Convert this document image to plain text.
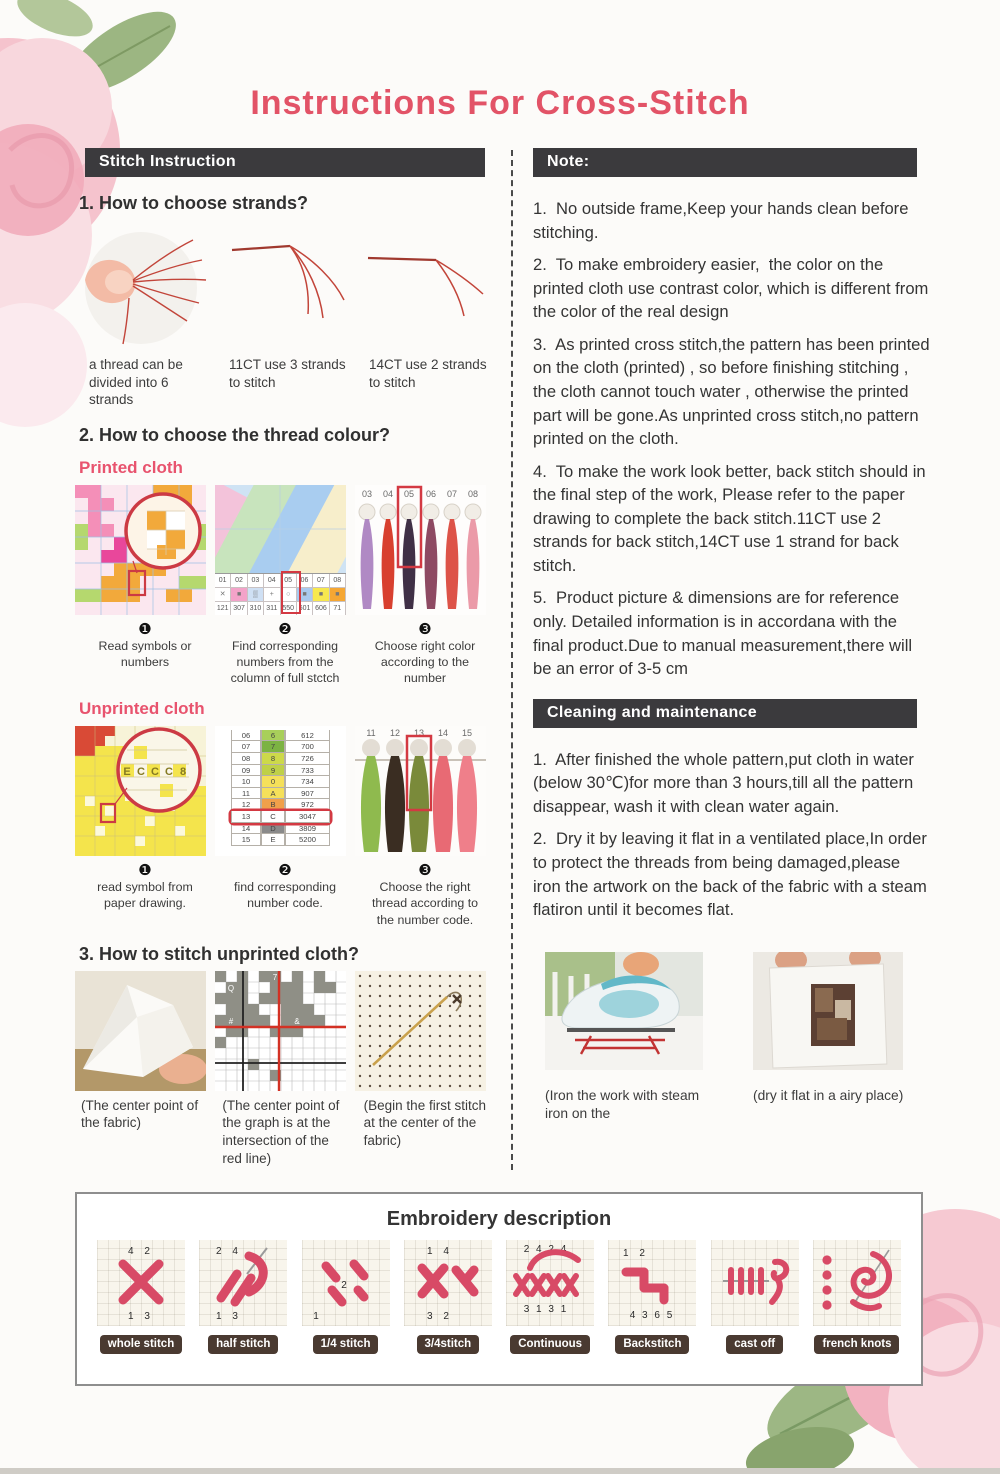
Instructions For Cross-Stitch
Stitch Instruction
1. How to choose strands?
a thread can be divided into 6 strands
11CT use 3 strands to stitch
14CT use 2 strands to stitch
2. How to choose the thread colour?
Printed cloth
01	02	03	04	05	06	07	08
✕	■	▒	+	○	■	■	■
121 307 310 311 550 601 606 71
03 04 05 06 07 08
❶
Read symbols or numbers
❷
Find corresponding numbers from the column of full stctch
❸
Choose right color according to the number
Unprinted cloth
E C C C 8
06	6	612
07	7	700
08	8	726
09	9	733
10	0	734
11	A	907
12	B	972
13	C	3047
14	D	3809
15	E	5200
11 12 13 14 15
❶
read symbol from paper drawing.
❷
find corresponding number code.
❸
Choose the right thread according to the number code.
3. How to stitch unprinted cloth?
Q
7
#	&
(The center point of the fabric)
(The center point of the graph is at the intersection of the red line)
(Begin the first stitch at the center of the fabric)
Note:

1.  No outside frame,Keep your hands clean before stitching.

2.  To make embroidery easier,  the color on the printed cloth use contrast color, which is different from the color of the real design

3.  As printed cross stitch,the pattern has been printed on the cloth (printed) , so before finishing stitching , the cloth cannot touch water , otherwise the printed part will be gone.As unprinted cross stitch,no pattern printed on the cloth.

4.  To make the work look better, back stitch should in the final step of the work, Please refer to the paper drawing to complete the back stitch.11CT use 2 strands for back stitch,14CT use 1 strand for back stitch.

5.  Product picture & dimensions are for reference only. Detailed information is in accordana with the final product.Due to manual measurement,there will be an error of 3-5 cm

Cleaning and maintenance

1.  After finished the whole pattern,put cloth in water (below 30℃)for more than 3 hours,till all the pattern disappear, wash it with clean water again.

2.  Dry it by leaving it flat in a ventilated place,In order to protect the threads from being damaged,please iron the artwork on the back of the fabric with a steam flatiron until it becomes flat.

(Iron the work with steam iron on the
(dry it flat in a airy place)
Embroidery description
4 2
1 3
whole stitch
2 4
1 3
half stitch
2
1
1/4 stitch
1 4
3 2
3/4stitch
2 4 2 4
3 1 3 1
Continuous
1 2
4 3 6 5
Backstitch	cast off	french knots
